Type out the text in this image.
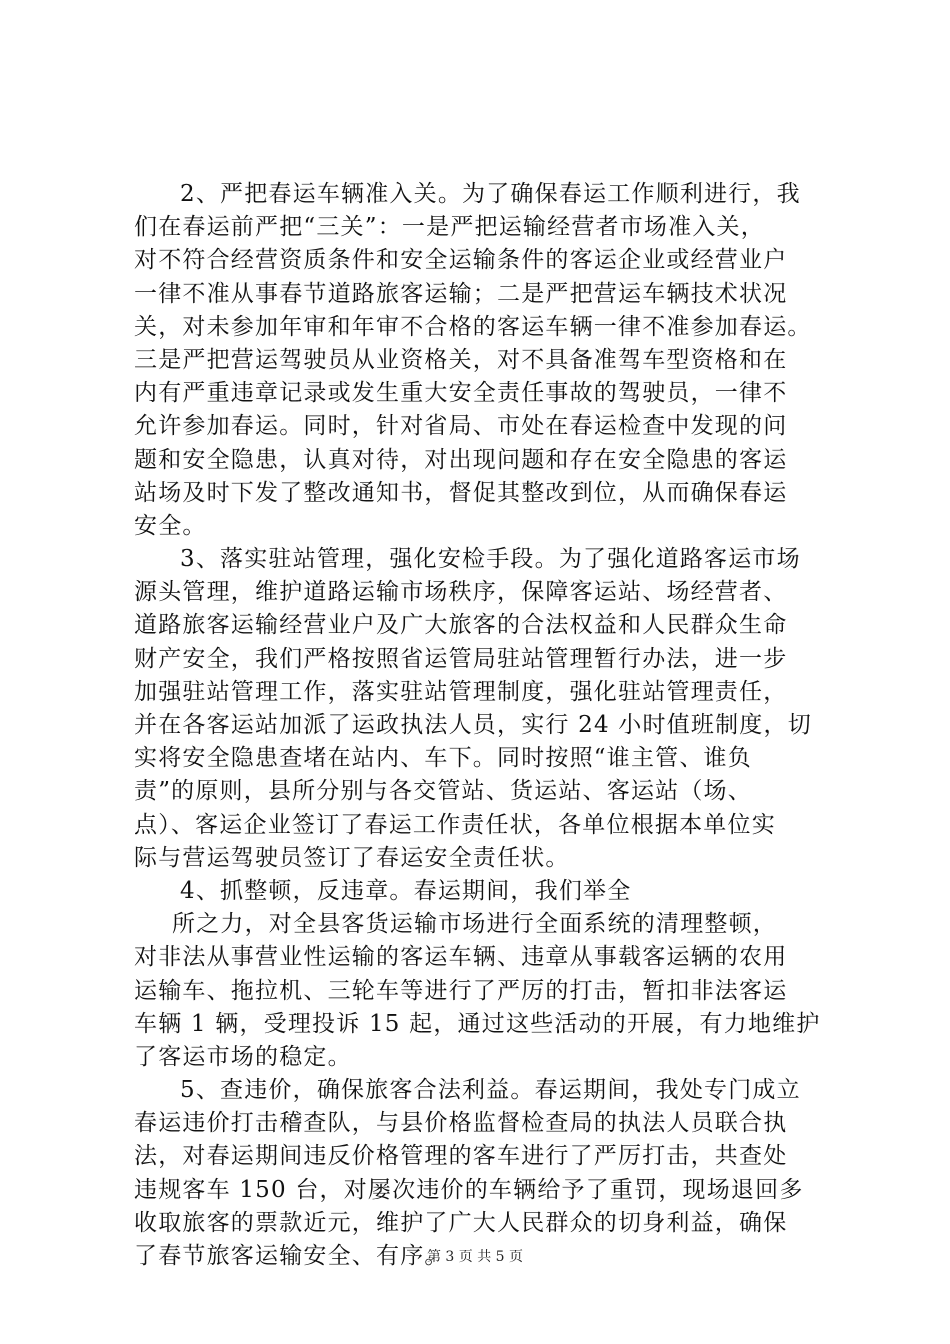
2、严把春运车辆准入关。为了确保春运工作顺利进行，我
们在春运前严把“三关”：一是严把运输经营者市场准入关，
对不符合经营资质条件和安全运输条件的客运企业或经营业户
一律不准从事春节道路旅客运输；二是严把营运车辆技术状况
关，对未参加年审和年审不合格的客运车辆一律不准参加春运。
三是严把营运驾驶员从业资格关，对不具备准驾车型资格和在
内有严重违章记录或发生重大安全责任事故的驾驶员，一律不
允许参加春运。同时，针对省局、市处在春运检查中发现的问
题和安全隐患，认真对待，对出现问题和存在安全隐患的客运
站场及时下发了整改通知书，督促其整改到位，从而确保春运
安全。
3、落实驻站管理，强化安检手段。为了强化道路客运市场
源头管理，维护道路运输市场秩序，保障客运站、场经营者、
道路旅客运输经营业户及广大旅客的合法权益和人民群众生命
财产安全，我们严格按照省运管局驻站管理暂行办法，进一步
加强驻站管理工作，落实驻站管理制度，强化驻站管理责任，
并在各客运站加派了运政执法人员，实行 24 小时值班制度，切
实将安全隐患查堵在站内、车下。同时按照“谁主管、谁负
责”的原则，县所分别与各交管站、货运站、客运站（场、
点）、客运企业签订了春运工作责任状，各单位根据本单位实
际与营运驾驶员签订了春运安全责任状。
4、抓整顿，反违章。春运期间，我们举全
所之力，对全县客货运输市场进行全面系统的清理整顿，
对非法从事营业性运输的客运车辆、违章从事载客运辆的农用
运输车、拖拉机、三轮车等进行了严厉的打击，暂扣非法客运
车辆 1 辆，受理投诉 15 起，通过这些活动的开展，有力地维护
了客运市场的稳定。
5、查违价，确保旅客合法利益。春运期间，我处专门成立
春运违价打击稽查队，与县价格监督检查局的执法人员联合执
法，对春运期间违反价格管理的客车进行了严厉打击，共查处
违规客车 150 台，对屡次违价的车辆给予了重罚，现场退回多
收取旅客的票款近元，维护了广大人民群众的切身利益，确保
了春节旅客运输安全、有序。
第 3 页 共 5 页
